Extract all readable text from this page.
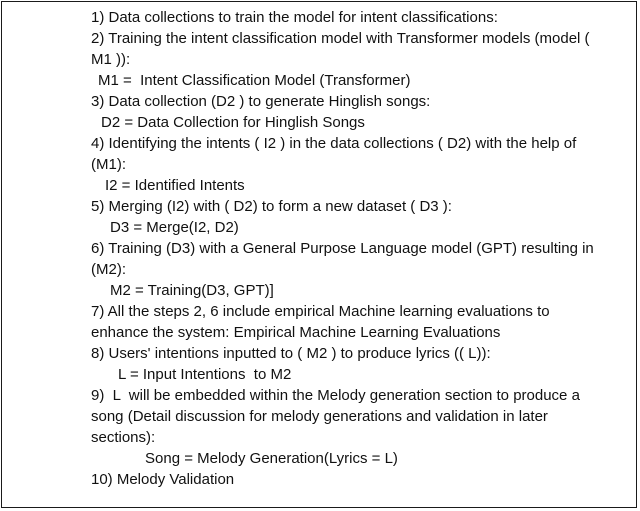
1) Data collections to train the model for intent classifications:
2) Training the intent classification model with Transformer models (model (
M1 )):
M1 =  Intent Classification Model (Transformer)
3) Data collection (D2 ) to generate Hinglish songs:
D2 = Data Collection for Hinglish Songs
4) Identifying the intents ( I2 ) in the data collections ( D2) with the help of
(M1):
I2 = Identified Intents
5) Merging (I2) with ( D2) to form a new dataset ( D3 ):
D3 = Merge(I2, D2)
6) Training (D3) with a General Purpose Language model (GPT) resulting in
(M2):
M2 = Training(D3, GPT)]
7) All the steps 2, 6 include empirical Machine learning evaluations to
enhance the system: Empirical Machine Learning Evaluations
8) Users' intentions inputted to ( M2 ) to produce lyrics (( L)):
L = Input Intentions  to M2
9)  L  will be embedded within the Melody generation section to produce a
song (Detail discussion for melody generations and validation in later
sections):
Song = Melody Generation(Lyrics = L)
10) Melody Validation
